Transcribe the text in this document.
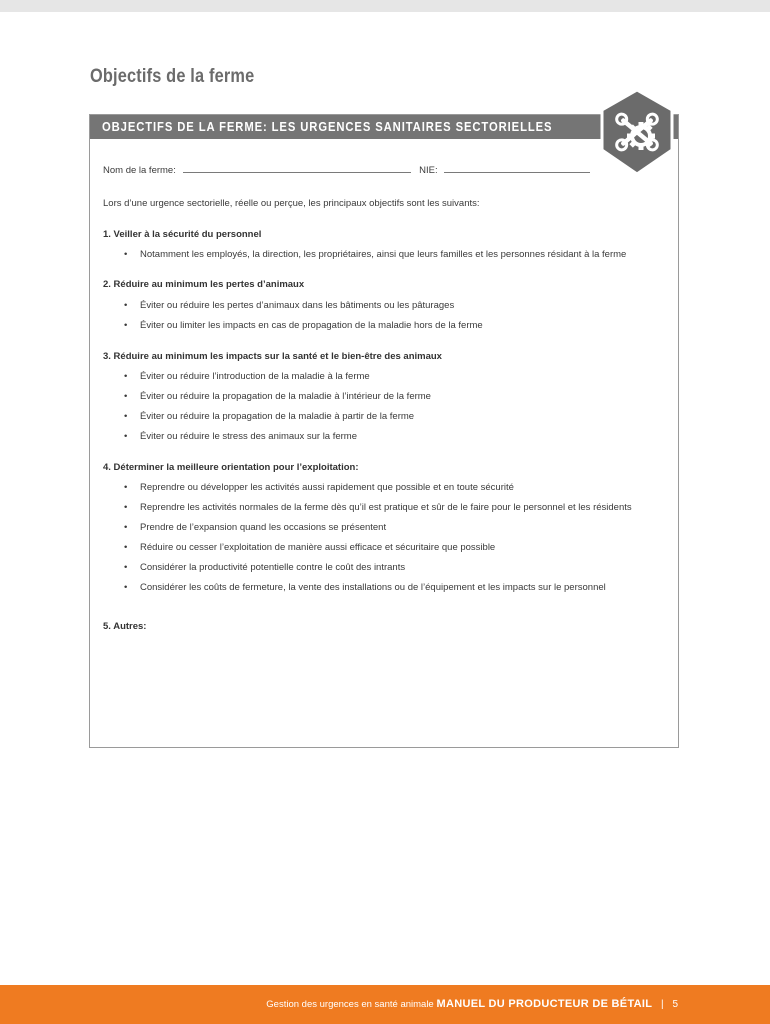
Objectifs de la ferme
OBJECTIFS DE LA FERME: LES URGENCES SANITAIRES SECTORIELLES
Nom de la ferme:	NIE:
Lors d’une urgence sectorielle, réelle ou perçue, les principaux objectifs sont les suivants:
1. Veiller à la sécurité du personnel
• Notamment les employés, la direction, les propriétaires, ainsi que leurs familles et les personnes résidant à la ferme
2. Réduire au minimum les pertes d’animaux
• Éviter ou réduire les pertes d’animaux dans les bâtiments ou les pâturages
• Éviter ou limiter les impacts en cas de propagation de la maladie hors de la ferme
3. Réduire au minimum les impacts sur la santé et le bien-être des animaux
• Éviter ou réduire l’introduction de la maladie à la ferme
• Éviter ou réduire la propagation de la maladie à l’intérieur de la ferme
• Éviter ou réduire la propagation de la maladie à partir de la ferme
• Éviter ou réduire le stress des animaux sur la ferme
4. Déterminer la meilleure orientation pour l’exploitation:
• Reprendre ou développer les activités aussi rapidement que possible et en toute sécurité
• Reprendre les activités normales de la ferme dès qu’il est pratique et sûr de le faire pour le personnel et les résidents
• Prendre de l’expansion quand les occasions se présentent
• Réduire ou cesser l’exploitation de manière aussi efficace et sécuritaire que possible
• Considérer la productivité potentielle contre le coût des intrants
• Considérer les coûts de fermeture, la vente des installations ou de l’équipement et les impacts sur le personnel
5. Autres:
Gestion des urgences en santé animale MANUEL DU PRODUCTEUR DE BÉTAIL | 5
